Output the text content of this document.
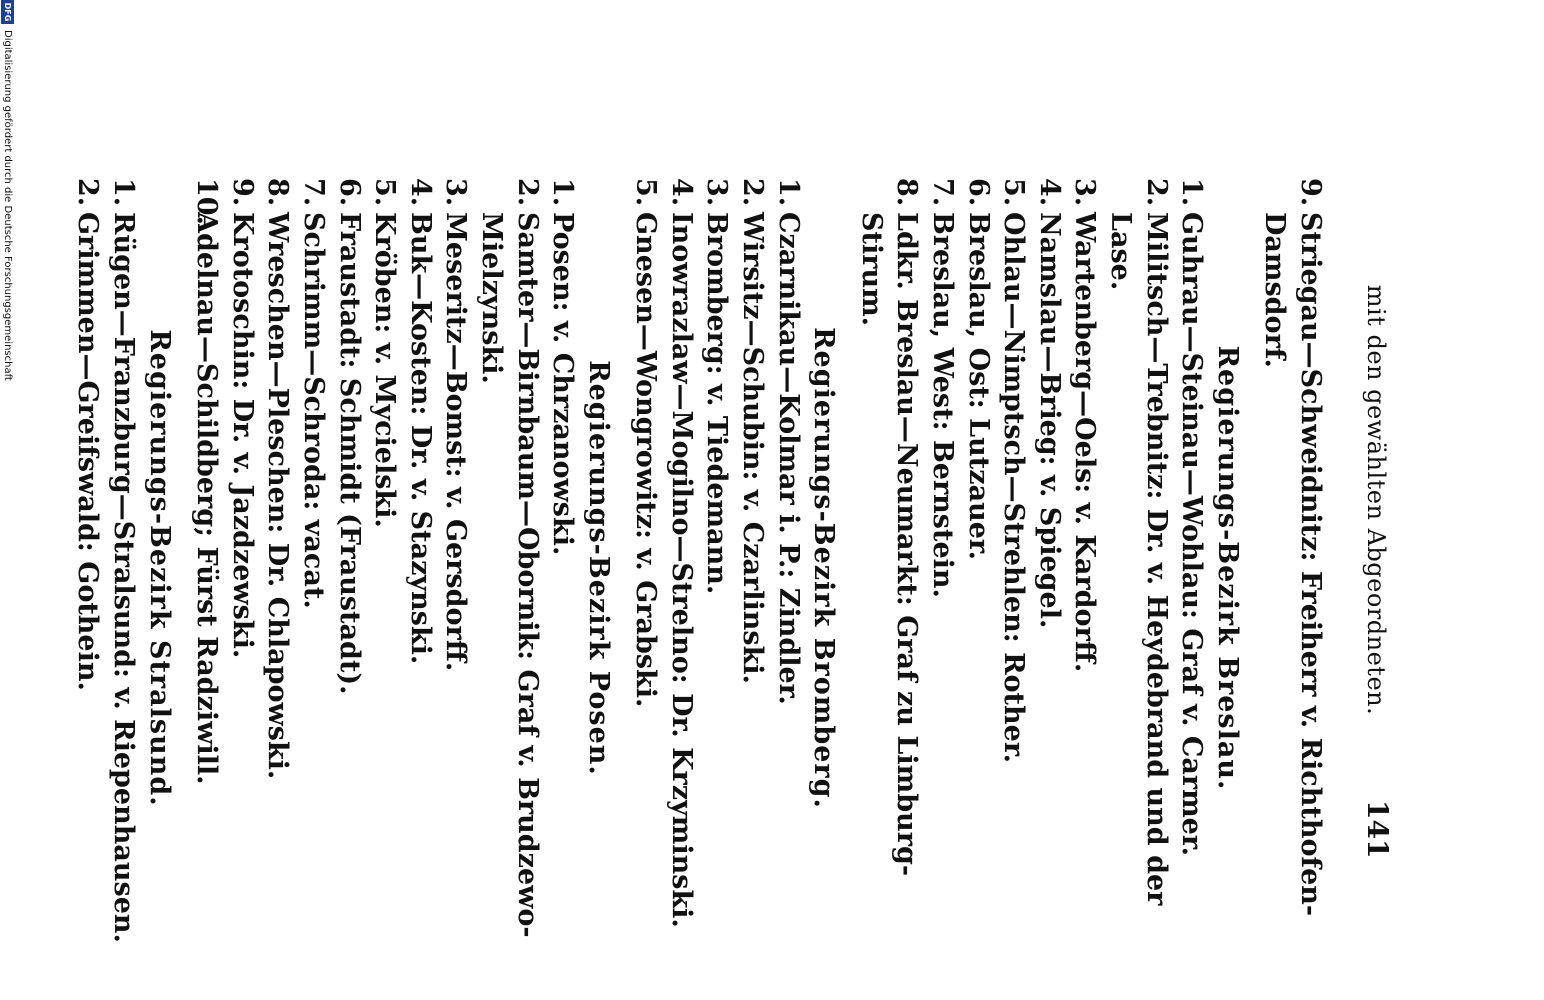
mit den gewählten Abgeordneten.
141
9.
Striegau—Schweidnitz: Freiherr v. Richthofen-Damsdorf.
Regierungs-Bezirk Breslau.
1.
Guhrau—Steinau—Wohlau: Graf v. Carmer.
2.
Militsch—Trebnitz: Dr. v. Heydebrand und der Lase.
3.
Wartenberg—Oels: v. Kardorff.
4.
Namslau—Brieg: v. Spiegel.
5.
Ohlau—Nimptsch—Strehlen: Rother.
6.
Breslau, Ost: Lutzauer.
7.
Breslau, West: Bernstein.
8.
Ldkr. Breslau—Neumarkt: Graf zu Limburg-Stirum.
Regierungs-Bezirk Bromberg.
1.
Czarnikau—Kolmar i. P.: Zindler.
2.
Wirsitz—Schubin: v. Czarlinski.
3.
Bromberg: v. Tiedemann.
4.
Inowrazlaw—Mogilno—Strelno: Dr. Krzyminski.
5.
Gnesen—Wongrowitz: v. Grabski.
Regierungs-Bezirk Posen.
1.
Posen: v. Chrzanowski.
2.
Samter—Birnbaum—Obornik: Graf v. Brudzewo-Mielzynski.
3.
Meseritz—Bomst: v. Gersdorff.
4.
Buk—Kosten: Dr. v. Stazynski.
5.
Kröben: v. Mycielski.
6.
Fraustadt: Schmidt (Fraustadt).
7.
Schrimm—Schroda: vacat.
8.
Wreschen—Pleschen: Dr. Chlapowski.
9.
Krotoschin: Dr. v. Jazdzewski.
10.
Adelnau—Schildberg; Fürst Radziwill.
Regierungs-Bezirk Stralsund.
1.
Rügen—Franzburg—Stralsund: v. Riepenhausen.
2.
Grimmen—Greifswald: Gothein.
DFG
Digitalisierung gefördert durch die Deutsche Forschungsgemeinschaft
